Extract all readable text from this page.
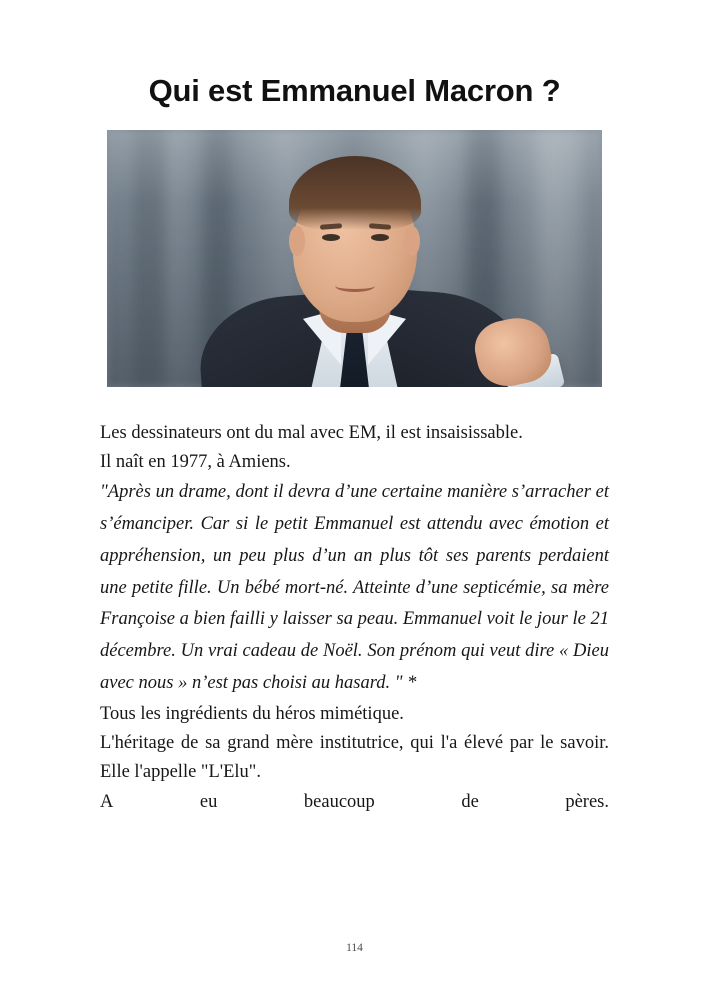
Qui est Emmanuel Macron ?

Les dessinateurs ont du mal avec EM, il est insaisissable.

Il naît en 1977, à Amiens.

"Après un drame, dont il devra d’une certaine manière s’arracher et s’émanciper. Car si le petit Emmanuel est attendu avec émotion et appréhension, un peu plus d’un an plus tôt ses parents perdaient une petite fille. Un bébé mort-né. Atteinte d’une septicémie, sa mère Françoise a bien failli y laisser sa peau. Emmanuel voit le jour le 21 décembre. Un vrai cadeau de Noël. Son prénom qui veut dire « Dieu avec nous » n’est pas choisi au hasard. " *

Tous les ingrédients du héros mimétique.

L'héritage de sa grand mère institutrice, qui l'a élevé par le savoir. Elle l'appelle "L'Elu".

A	eu	beaucoup	de	pères.

114
